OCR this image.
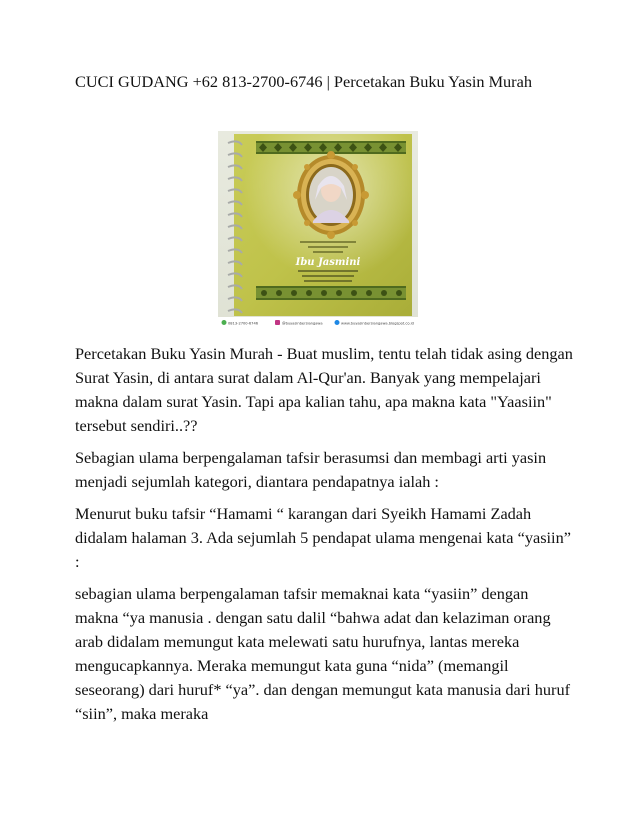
CUCI GUDANG +62 813-2700-6746 | Percetakan Buku Yasin Murah
Ibu Jasmini
0813-2700-6746	@buyasinbersiangawa	www.buyasinbersiangawa.blogspot.co.id

Percetakan Buku Yasin Murah - Buat muslim, tentu telah tidak asing dengan Surat Yasin, di antara surat dalam Al-Qur'an. Banyak yang mempelajari makna dalam surat Yasin. Tapi apa kalian tahu, apa makna kata "Yaasiin" tersebut sendiri..??

Sebagian ulama berpengalaman tafsir berasumsi dan membagi arti yasin menjadi sejumlah kategori, diantara pendapatnya ialah :

Menurut buku tafsir “Hamami “ karangan dari Syeikh Hamami Zadah didalam halaman 3. Ada sejumlah 5 pendapat ulama mengenai kata “yasiin” :

sebagian ulama berpengalaman tafsir memaknai kata “yasiin” dengan makna “ya manusia . dengan satu dalil “bahwa adat dan kelaziman orang arab didalam memungut kata melewati satu hurufnya, lantas mereka mengucapkannya. Meraka memungut kata guna “nida” (memangil seseorang) dari huruf* “ya”. dan dengan memungut kata manusia dari huruf “siin”, maka meraka
